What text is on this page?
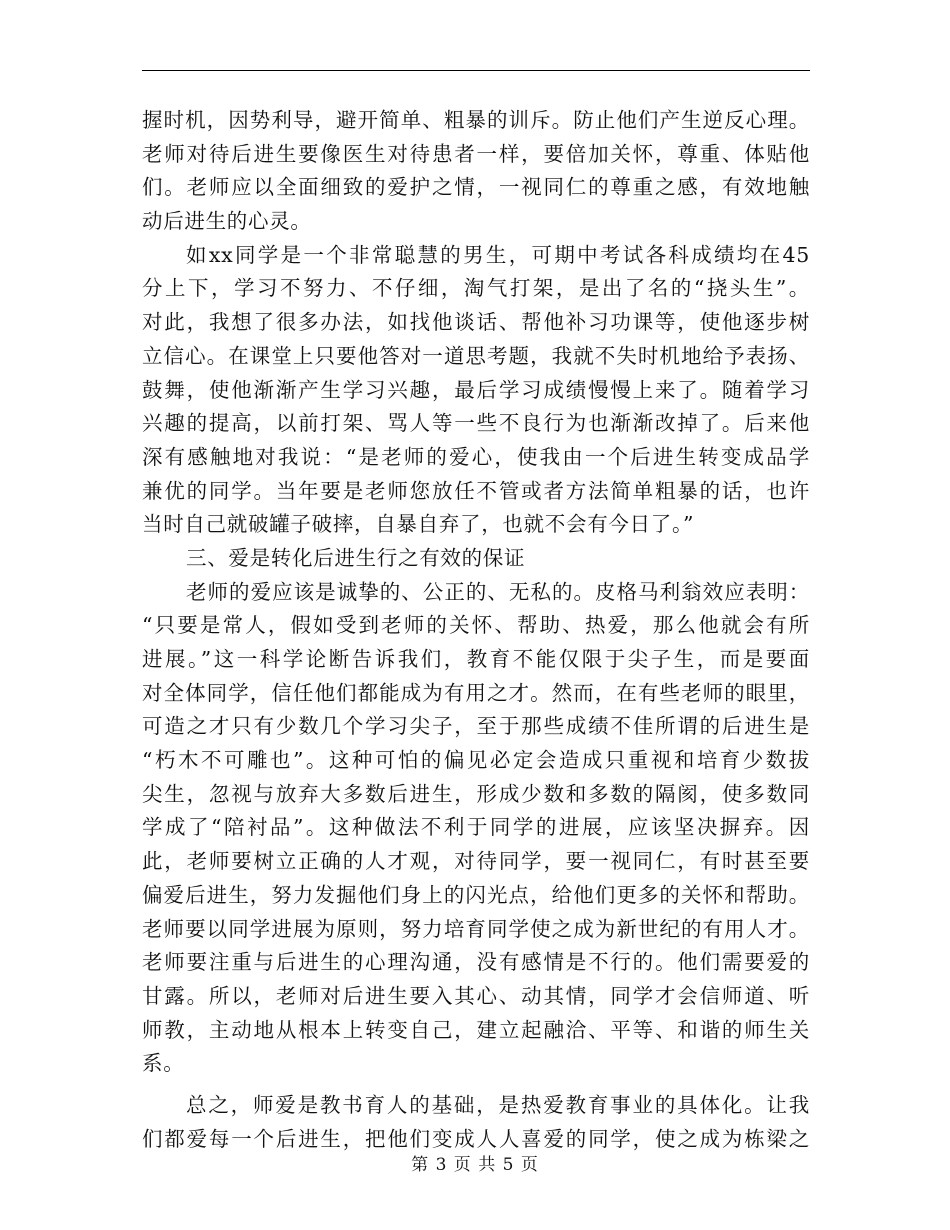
握时机，因势利导，避开简单、粗暴的训斥。防止他们产生逆反心理。
老师对待后进生要像医生对待患者一样，要倍加关怀，尊重、体贴他
们。老师应以全面细致的爱护之情，一视同仁的尊重之感，有效地触
动后进生的心灵。
如xx同学是一个非常聪慧的男生，可期中考试各科成绩均在45
分上下，学习不努力、不仔细，淘气打架，是出了名的“挠头生”。
对此，我想了很多办法，如找他谈话、帮他补习功课等，使他逐步树
立信心。在课堂上只要他答对一道思考题，我就不失时机地给予表扬、
鼓舞，使他渐渐产生学习兴趣，最后学习成绩慢慢上来了。随着学习
兴趣的提高，以前打架、骂人等一些不良行为也渐渐改掉了。后来他
深有感触地对我说：“是老师的爱心，使我由一个后进生转变成品学
兼优的同学。当年要是老师您放任不管或者方法简单粗暴的话，也许
当时自己就破罐子破摔，自暴自弃了，也就不会有今日了。”
三、爱是转化后进生行之有效的保证
老师的爱应该是诚挚的、公正的、无私的。皮格马利翁效应表明：
“只要是常人，假如受到老师的关怀、帮助、热爱，那么他就会有所
进展。”这一科学论断告诉我们，教育不能仅限于尖子生，而是要面
对全体同学，信任他们都能成为有用之才。然而，在有些老师的眼里，
可造之才只有少数几个学习尖子，至于那些成绩不佳所谓的后进生是
“朽木不可雕也”。这种可怕的偏见必定会造成只重视和培育少数拔
尖生，忽视与放弃大多数后进生，形成少数和多数的隔阂，使多数同
学成了“陪衬品”。这种做法不利于同学的进展，应该坚决摒弃。因
此，老师要树立正确的人才观，对待同学，要一视同仁，有时甚至要
偏爱后进生，努力发掘他们身上的闪光点，给他们更多的关怀和帮助。
老师要以同学进展为原则，努力培育同学使之成为新世纪的有用人才。
老师要注重与后进生的心理沟通，没有感情是不行的。他们需要爱的
甘露。所以，老师对后进生要入其心、动其情，同学才会信师道、听
师教，主动地从根本上转变自己，建立起融洽、平等、和谐的师生关
系。
总之，师爱是教书育人的基础，是热爱教育事业的具体化。让我
们都爱每一个后进生，把他们变成人人喜爱的同学，使之成为栋梁之
第 3 页 共 5 页
